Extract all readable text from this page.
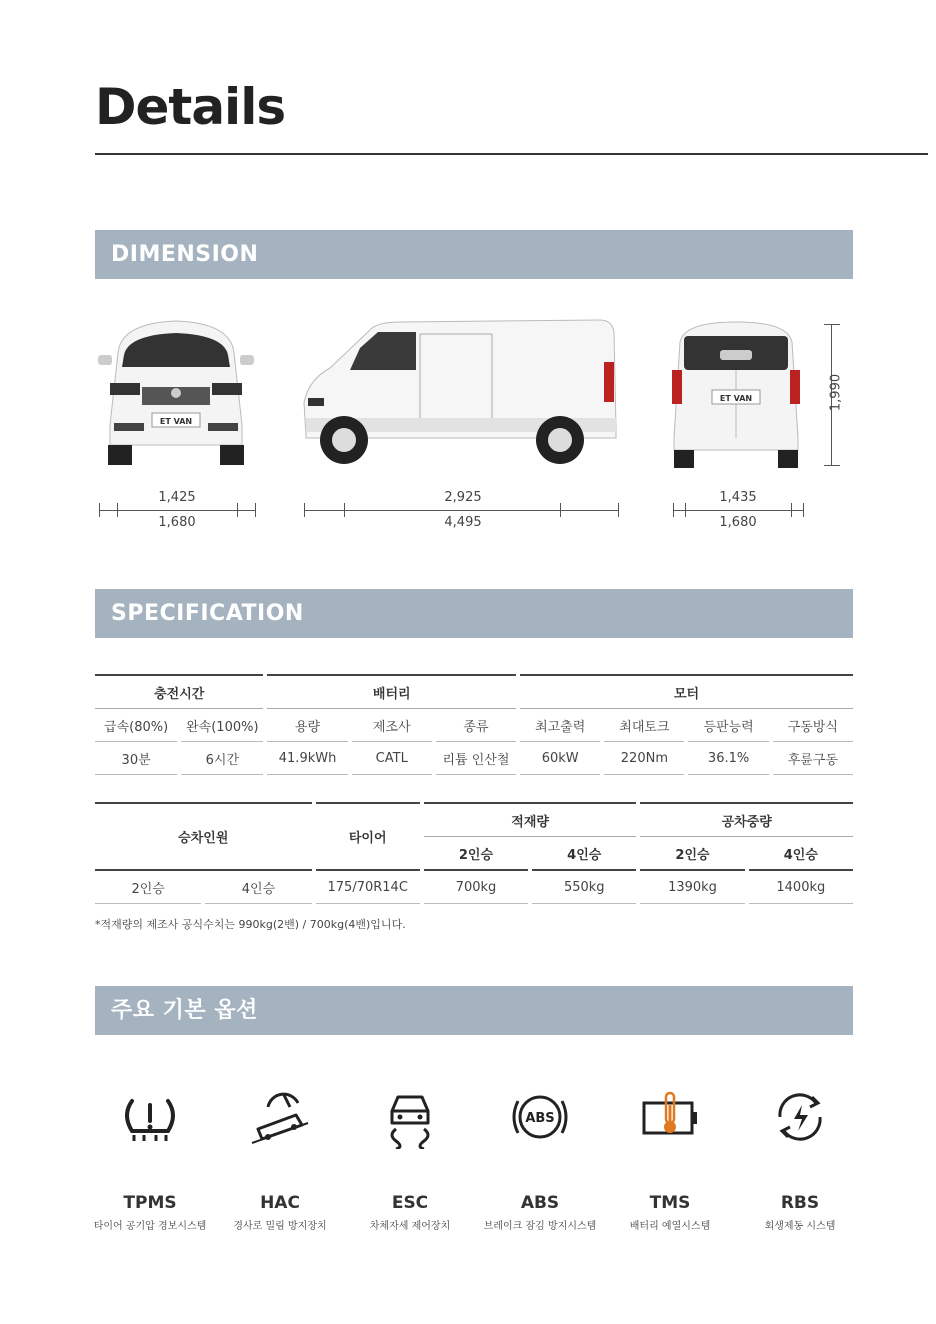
Details
DIMENSION
ET VAN
ET VAN	1,990
1,425
1,680
2,925
4,495
1,435
1,680
SPECIFICATION
충전시간		배터리			모터			
급속(80%)	완속(100%)	용량	제조사	종류	최고출력	최대토크	등판능력	구동방식
30분	6시간	41.9kWh	CATL	리튬 인산철	60kW	220Nm	36.1%	후륜구동
승차인원		타이어	적재량		공차중량	
			2인승	4인승	2인승	4인승
2인승	4인승	175/70R14C	700kg	550kg	1390kg	1400kg
*적재량의 제조사 공식수치는 990kg(2밴) / 700kg(4밴)입니다.
주요 기본 옵션
TPMS
타이어 공기압 경보시스템
HAC
경사로 밀림 방지장치
ESC
차체자세 제어장치
ABS
ABS
브레이크 잠김 방지시스템
TMS
배터리 예열시스템
RBS
회생제동 시스템
